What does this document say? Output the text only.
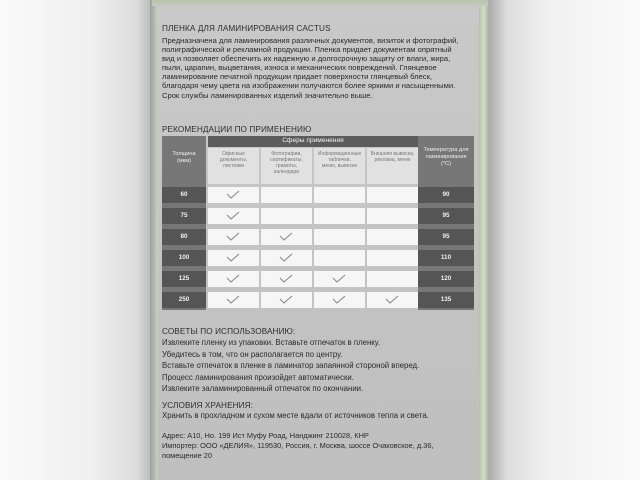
ПЛЕНКА ДЛЯ ЛАМИНИРОВАНИЯ CACTUS
Предназначена для ламинирования различных документов, визиток и фотографий,
полиграфической и рекламной продукции. Пленка придает документам опрятный
вид и позволяет обеспечить их надежную и долгосрочную защиту от влаги, жира,
пыли, царапин, выцветания, износа и механических повреждений. Глянцевое
ламинирование печатной продукции придает поверхности глянцевый блеск,
благодаря чему цвета на изображении получаются более яркими и насыщенными.
Срок службы ламинированных изделий значительно выше.
РЕКОМЕНДАЦИИ ПО ПРИМЕНЕНИЮ
Толщина
(мкм)
Температура для
ламинирования
(°С)
Сферы применения
Офисные
документы,
листовки
Фотографии,
сертификаты,
грамоты,
календари
Информационные
таблички,
меню, вывески
Внешняя вывеска,
реклама, меню
60	90
75	95
80	95
100	110
125	120
250	135
СОВЕТЫ ПО ИСПОЛЬЗОВАНИЮ:
Извлеките пленку из упаковки. Вставьте отпечаток в пленку.
Убедитесь в том, что он располагается по центру.
Вставьте отпечаток в пленке в ламинатор запаянной стороной вперед.
Процесс ламинирования произойдет автоматически.
Извлеките заламинированный отпечаток по окончании.
УСЛОВИЯ ХРАНЕНИЯ:
Хранить в прохладном и сухом месте вдали от источников тепла и света.
Адрес: А10, Но. 199 Ист Муфу Роад, Нанджинг 210028, КНР
Импортер: ООО «ДЕЛИЯ», 119530, Россия, г. Москва, шоссе Очаковское, д.36,
помещение 20
